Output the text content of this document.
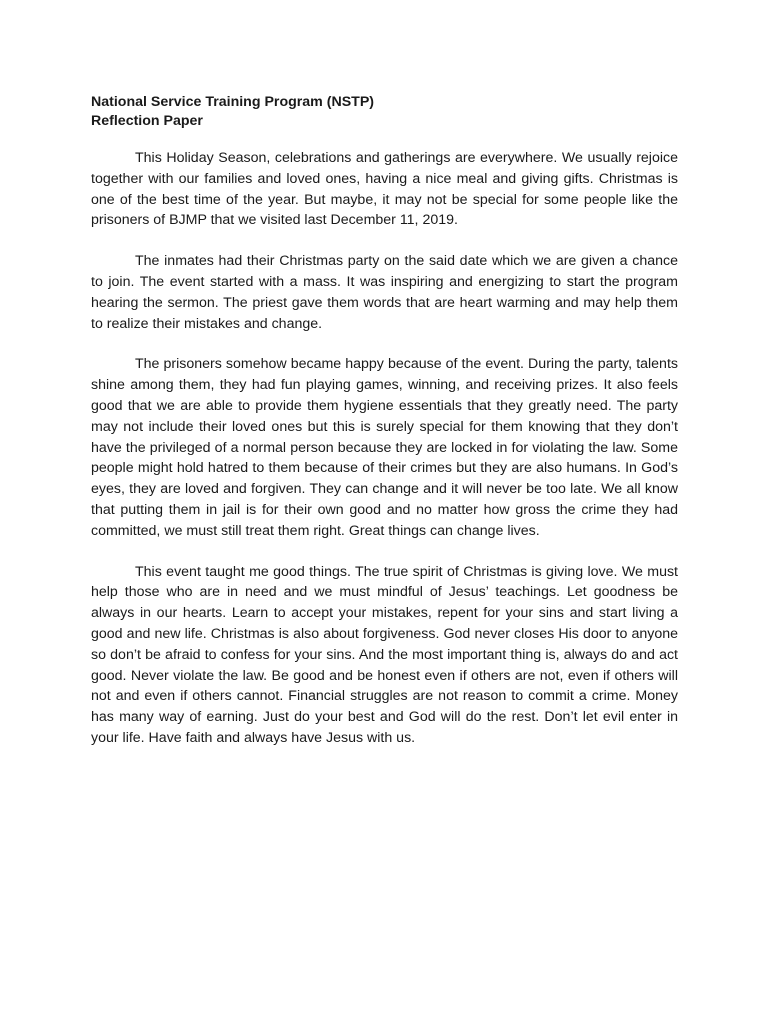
National Service Training Program (NSTP)

Reflection Paper

This Holiday Season, celebrations and gatherings are everywhere. We usually rejoice together with our families and loved ones, having a nice meal and giving gifts. Christmas is one of the best time of the year. But maybe, it may not be special for some people like the prisoners of BJMP that we visited last December 11, 2019.

The inmates had their Christmas party on the said date which we are given a chance to join. The event started with a mass. It was inspiring and energizing to start the program hearing the sermon. The priest gave them words that are heart warming and may help them to realize their mistakes and change.

The prisoners somehow became happy because of the event. During the party, talents shine among them, they had fun playing games, winning, and receiving prizes. It also feels good that we are able to provide them hygiene essentials that they greatly need. The party may not include their loved ones but this is surely special for them knowing that they don’t have the privileged of a normal person because they are locked in for violating the law. Some people might hold hatred to them because of their crimes but they are also humans. In God’s eyes, they are loved and forgiven. They can change and it will never be too late. We all know that putting them in jail is for their own good and no matter how gross the crime they had committed, we must still treat them right. Great things can change lives.

This event taught me good things. The true spirit of Christmas is giving love. We must help those who are in need and we must mindful of Jesus’ teachings. Let goodness be always in our hearts. Learn to accept your mistakes, repent for your sins and start living a good and new life. Christmas is also about forgiveness. God never closes His door to anyone so don’t be afraid to confess for your sins. And the most important thing is, always do and act good. Never violate the law. Be good and be honest even if others are not, even if others will not and even if others cannot. Financial struggles are not reason to commit a crime. Money has many way of earning. Just do your best and God will do the rest. Don’t let evil enter in your life. Have faith and always have Jesus with us.
